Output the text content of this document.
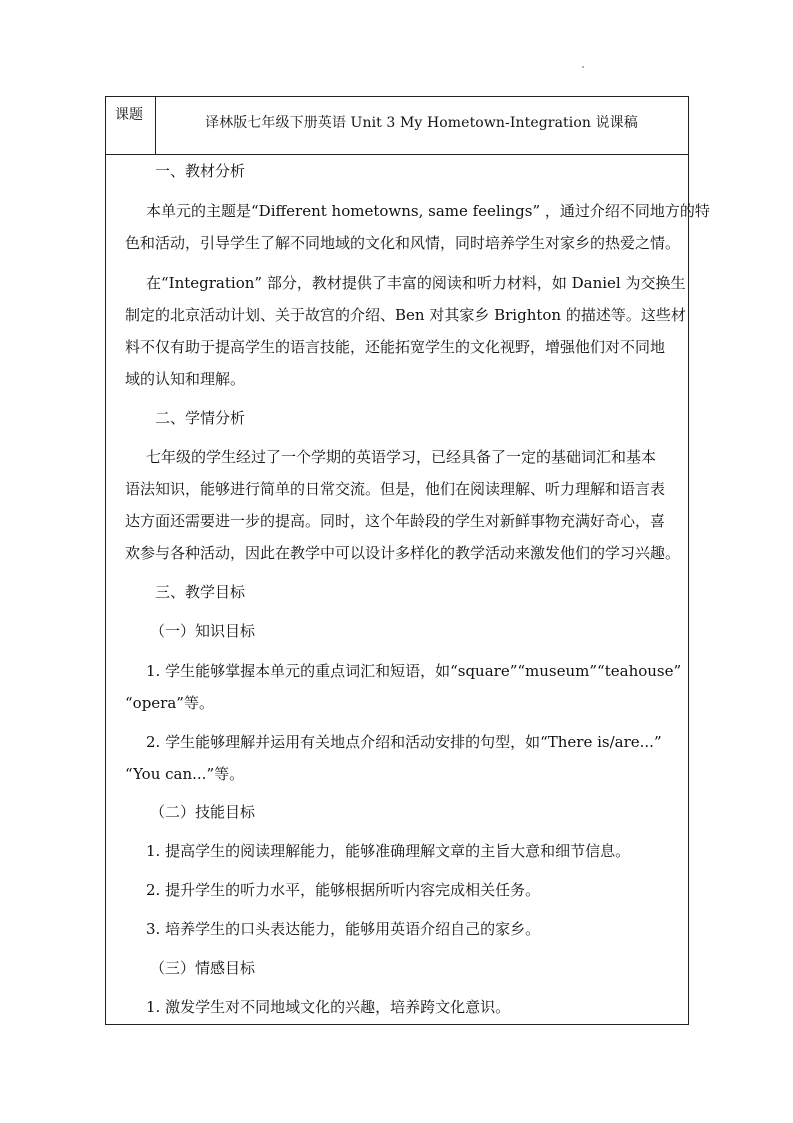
课题	译林版七年级下册英语 Unit 3 My Hometown-Integration 说课稿
一、教材分析
本单元的主题是“Different hometowns, same feelings” ，通过介绍不同地方的特
色和活动，引导学生了解不同地域的文化和风情，同时培养学生对家乡的热爱之情。
在“Integration” 部分，教材提供了丰富的阅读和听力材料，如 Daniel 为交换生
制定的北京活动计划、关于故宫的介绍、Ben 对其家乡 Brighton 的描述等。这些材
料不仅有助于提高学生的语言技能，还能拓宽学生的文化视野，增强他们对不同地
域的认知和理解。
二、学情分析
七年级的学生经过了一个学期的英语学习，已经具备了一定的基础词汇和基本
语法知识，能够进行简单的日常交流。但是，他们在阅读理解、听力理解和语言表
达方面还需要进一步的提高。同时，这个年龄段的学生对新鲜事物充满好奇心，喜
欢参与各种活动，因此在教学中可以设计多样化的教学活动来激发他们的学习兴趣。
三、教学目标
（一）知识目标
1. 学生能够掌握本单元的重点词汇和短语，如“square”“museum”“teahouse”
“opera”等。
2. 学生能够理解并运用有关地点介绍和活动安排的句型，如“There is/are...”
“You can...”等。
（二）技能目标
1. 提高学生的阅读理解能力，能够准确理解文章的主旨大意和细节信息。
2. 提升学生的听力水平，能够根据所听内容完成相关任务。
3. 培养学生的口头表达能力，能够用英语介绍自己的家乡。
（三）情感目标
1. 激发学生对不同地域文化的兴趣，培养跨文化意识。
